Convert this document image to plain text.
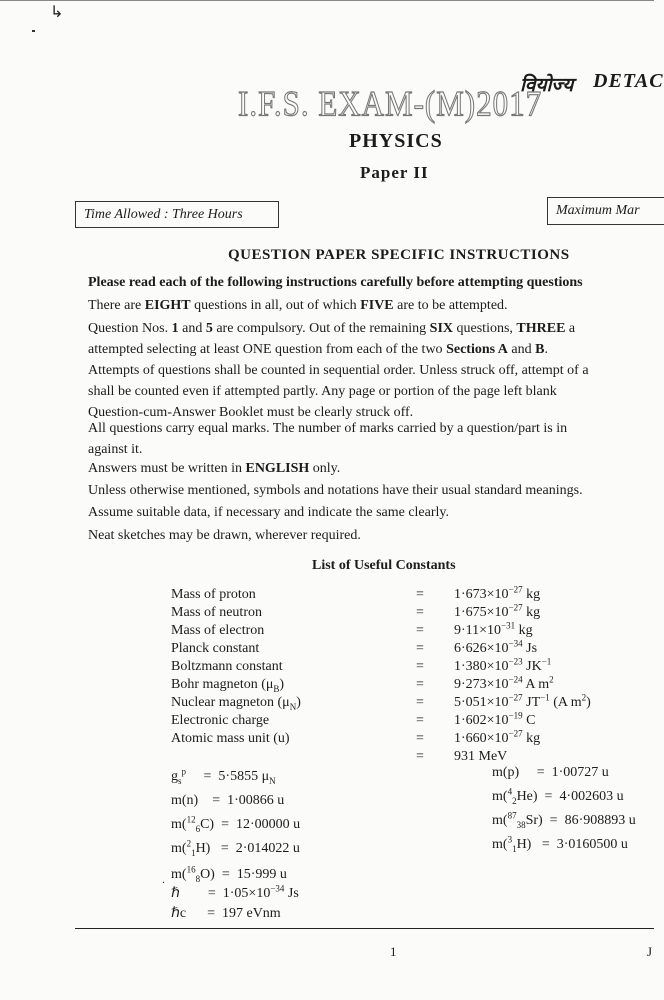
↳
वियोज्य DETAC
I.F.S. EXAM-(M)2017
PHYSICS
Paper II
Time Allowed : Three Hours	Maximum Mar
QUESTION PAPER SPECIFIC INSTRUCTIONS
Please read each of the following instructions carefully before attempting questions
There are EIGHT questions in all, out of which FIVE are to be attempted.
Question Nos. 1 and 5 are compulsory. Out of the remaining SIX questions, THREE a
attempted selecting at least ONE question from each of the two Sections A and B.
Attempts of questions shall be counted in sequential order. Unless struck off, attempt of a
shall be counted even if attempted partly. Any page or portion of the page left blank
Question-cum-Answer Booklet must be clearly struck off.
All questions carry equal marks. The number of marks carried by a question/part is in
against it.
Answers must be written in ENGLISH only.
Unless otherwise mentioned, symbols and notations have their usual standard meanings.
Assume suitable data, if necessary and indicate the same clearly.
Neat sketches may be drawn, wherever required.
List of Useful Constants
Mass of proton
Mass of neutron
Mass of electron
Planck constant
Boltzmann constant
Bohr magneton $(\mu_B)$
Nuclear magneton $(\mu_N)$
Electronic charge
Atomic mass unit (u)
=
=
=
=
=
=
=
=
=
=
$1\cdot 673\times 10^{-27}$ kg
$1\cdot 675\times 10^{-27}$ kg
$9\cdot 11\times 10^{-31}$ kg
$6\cdot 626\times 10^{-34}$ Js
$1\cdot 380\times 10^{-23}$ $JK^{-1}$
$9\cdot 273\times 10^{-24}$ A $m^2$
$5\cdot 051\times 10^{-27}$ $JT^{-1}$ (A $m^2$)
$1\cdot 602\times 10^{-19}$ C
$1\cdot 660\times 10^{-27}$ kg
931 MeV
$g_s^p$     =  5·5855 $\mu_N$
m(n)    =  1·00866 u
m($^{12}_6$C)  =  12·00000 u
m($^2_1$H)   =  2·014022 u
m($^{16}_8$O)  =  15·999 u
ℏ        =  $1\cdot 05\times 10^{-34}$ Js
ℏc      =  197 eVnm
.
m(p)     =  1·00727 u
m($^4_2$He)  =  4·002603 u
m($^{87}_{38}$Sr)  =  86·908893 u
m($^3_1$H)   =  3·0160500 u
1	J
